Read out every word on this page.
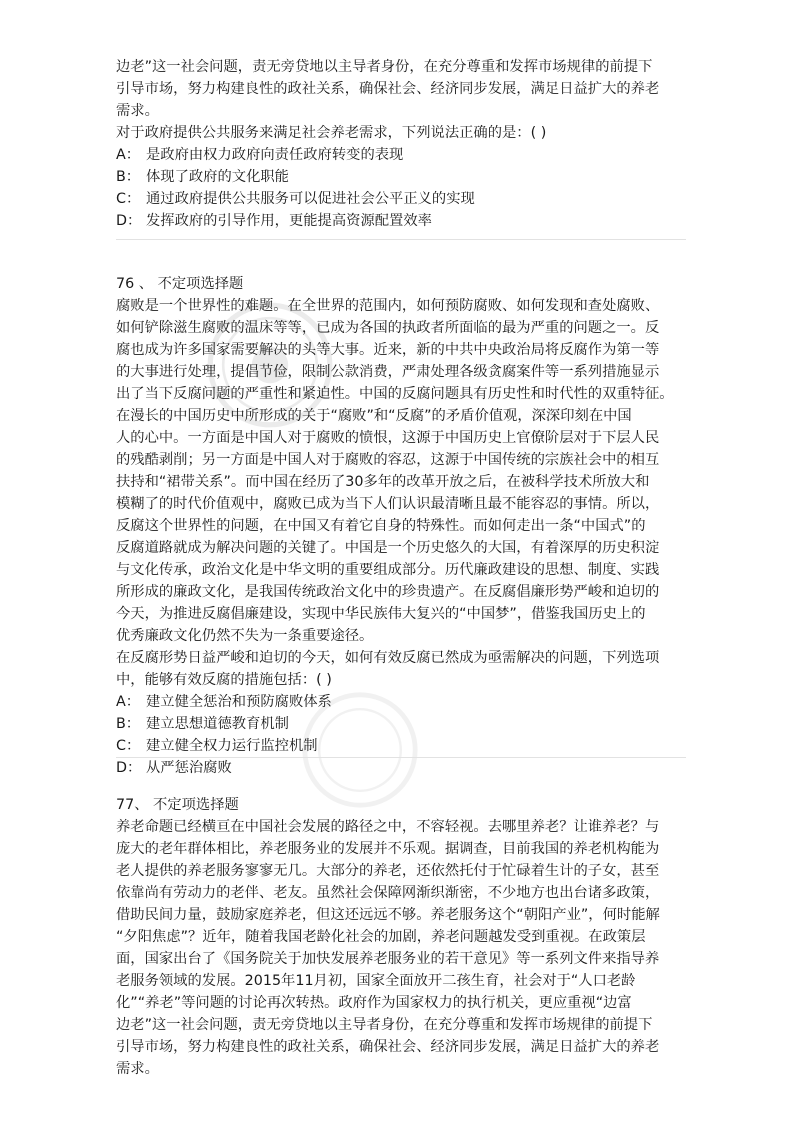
边老”这一社会问题，责无旁贷地以主导者身份，在充分尊重和发挥市场规律的前提下
引导市场，努力构建良性的政社关系，确保社会、经济同步发展，满足日益扩大的养老
需求。
对于政府提供公共服务来满足社会养老需求，下列说法正确的是：( )
A： 是政府由权力政府向责任政府转变的表现
B： 体现了政府的文化职能
C： 通过政府提供公共服务可以促进社会公平正义的实现
D： 发挥政府的引导作用，更能提高资源配置效率

76 、 不定项选择题

腐败是一个世界性的难题。在全世界的范围内，如何预防腐败、如何发现和查处腐败、
如何铲除滋生腐败的温床等等，已成为各国的执政者所面临的最为严重的问题之一。反
腐也成为许多国家需要解决的头等大事。近来，新的中共中央政治局将反腐作为第一等
的大事进行处理，提倡节俭，限制公款消费，严肃处理各级贪腐案件等一系列措施显示
出了当下反腐问题的严重性和紧迫性。中国的反腐问题具有历史性和时代性的双重特征。
在漫长的中国历史中所形成的关于“腐败”和“反腐”的矛盾价值观，深深印刻在中国
人的心中。一方面是中国人对于腐败的愤恨，这源于中国历史上官僚阶层对于下层人民
的残酷剥削；另一方面是中国人对于腐败的容忍，这源于中国传统的宗族社会中的相互
扶持和“裙带关系”。而中国在经历了30多年的改革开放之后，在被科学技术所放大和
模糊了的时代价值观中，腐败已成为当下人们认识最清晰且最不能容忍的事情。所以，
反腐这个世界性的问题，在中国又有着它自身的特殊性。而如何走出一条“中国式”的
反腐道路就成为解决问题的关键了。中国是一个历史悠久的大国，有着深厚的历史积淀
与文化传承，政治文化是中华文明的重要组成部分。历代廉政建设的思想、制度、实践
所形成的廉政文化，是我国传统政治文化中的珍贵遗产。在反腐倡廉形势严峻和迫切的
今天，为推进反腐倡廉建设，实现中华民族伟大复兴的“中国梦”，借鉴我国历史上的
优秀廉政文化仍然不失为一条重要途径。
在反腐形势日益严峻和迫切的今天，如何有效反腐已然成为亟需解决的问题，下列选项
中，能够有效反腐的措施包括：( )
A： 建立健全惩治和预防腐败体系
B： 建立思想道德教育机制
C： 建立健全权力运行监控机制
D： 从严惩治腐败

77、 不定项选择题

养老命题已经横亘在中国社会发展的路径之中，不容轻视。去哪里养老？让谁养老？与
庞大的老年群体相比，养老服务业的发展并不乐观。据调查，目前我国的养老机构能为
老人提供的养老服务寥寥无几。大部分的养老，还依然托付于忙碌着生计的子女，甚至
依靠尚有劳动力的老伴、老友。虽然社会保障网渐织渐密，不少地方也出台诸多政策，
借助民间力量，鼓励家庭养老，但这还远远不够。养老服务这个“朝阳产业”，何时能解
“夕阳焦虑”？近年，随着我国老龄化社会的加剧，养老问题越发受到重视。在政策层
面，国家出台了《国务院关于加快发展养老服务业的若干意见》等一系列文件来指导养
老服务领域的发展。2015年11月初，国家全面放开二孩生育，社会对于“人口老龄
化”“养老”等问题的讨论再次转热。政府作为国家权力的执行机关，更应重视“边富
边老”这一社会问题，责无旁贷地以主导者身份，在充分尊重和发挥市场规律的前提下
引导市场，努力构建良性的政社关系，确保社会、经济同步发展，满足日益扩大的养老
需求。
